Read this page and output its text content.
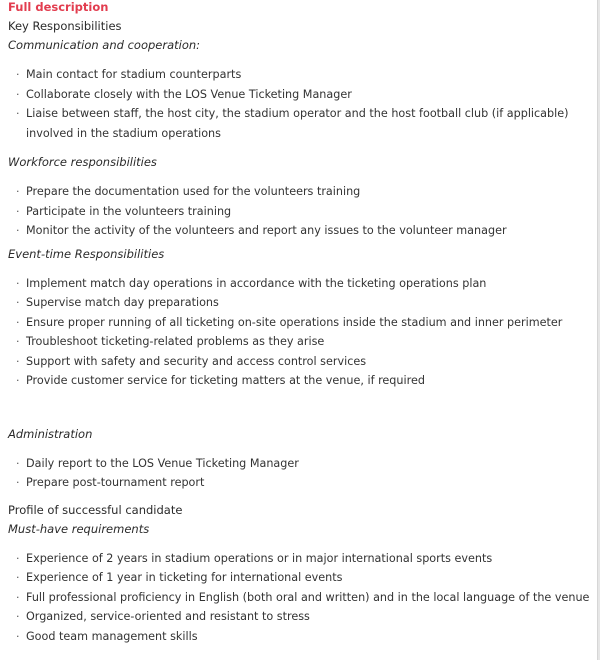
Full description

Key Responsibilities

Communication and cooperation:

· Main contact for stadium counterparts
· Collaborate closely with the LOS Venue Ticketing Manager
· Liaise between staff, the host city, the stadium operator and the host football club (if applicable) involved in the stadium operations

Workforce responsibilities

· Prepare the documentation used for the volunteers training
· Participate in the volunteers training
· Monitor the activity of the volunteers and report any issues to the volunteer manager

Event-time Responsibilities

· Implement match day operations in accordance with the ticketing operations plan
· Supervise match day preparations
· Ensure proper running of all ticketing on-site operations inside the stadium and inner perimeter
· Troubleshoot ticketing-related problems as they arise
· Support with safety and security and access control services
· Provide customer service for ticketing matters at the venue, if required

Administration

· Daily report to the LOS Venue Ticketing Manager
· Prepare post-tournament report

Profile of successful candidate

Must-have requirements

· Experience of 2 years in stadium operations or in major international sports events
· Experience of 1 year in ticketing for international events
· Full professional proficiency in English (both oral and written) and in the local language of the venue
· Organized, service-oriented and resistant to stress
· Good team management skills
